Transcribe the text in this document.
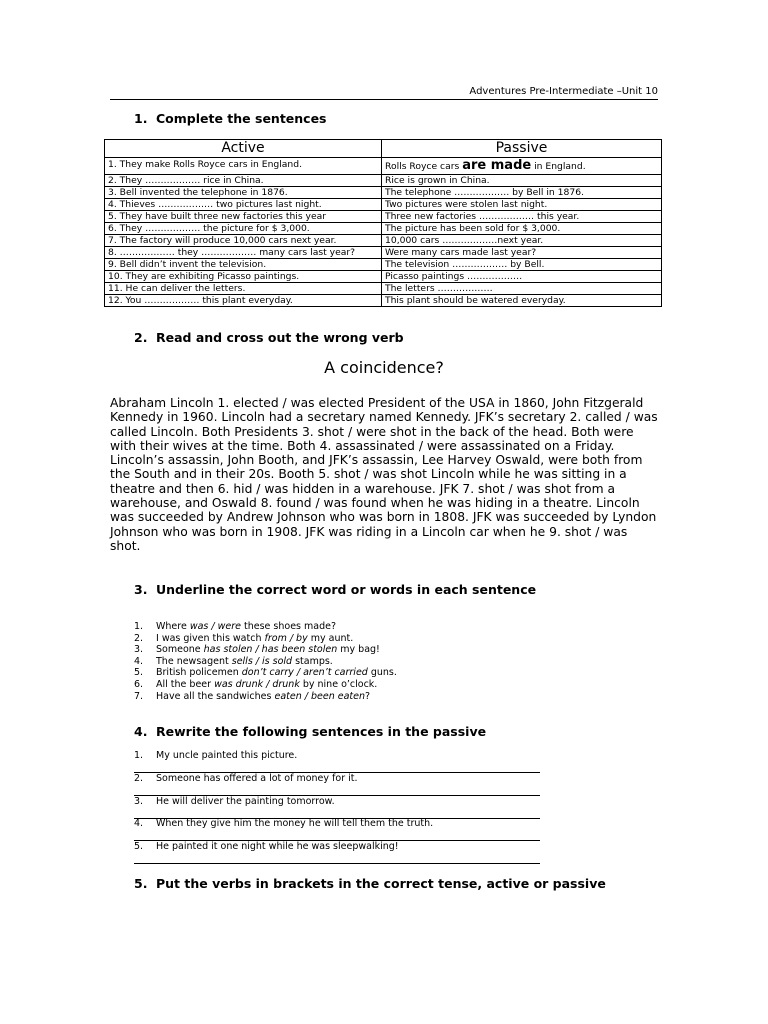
Adventures Pre-Intermediate –Unit 10
1. Complete the sentences
Active	Passive
1. They make Rolls Royce cars in England.	Rolls Royce cars are made in England.
2. They ……………… rice in China.	Rice is grown in China.
3. Bell invented the telephone in 1876.	The telephone ……………… by Bell in 1876.
4. Thieves ……………… two pictures last night.	Two pictures were stolen last night.
5. They have built three new factories this year	Three new factories ……………… this year.
6. They ……………… the picture for $ 3,000.	The picture has been sold for $ 3,000.
7. The factory will produce 10,000 cars next year.	10,000 cars ………………next year.
8. ……………… they ……………… many cars last year?	Were many cars made last year?
9. Bell didn’t invent the television.	The television ……………… by Bell.
10. They are exhibiting Picasso paintings.	Picasso paintings ………………
11. He can deliver the letters.	The letters ………………
12. You ……………… this plant everyday.	This plant should be watered everyday.
2. Read and cross out the wrong verb
A coincidence?
Abraham Lincoln 1. elected / was elected President of the USA in 1860, John Fitzgerald Kennedy in 1960. Lincoln had a secretary named Kennedy. JFK’s secretary 2. called / was called Lincoln. Both Presidents 3. shot / were shot in the back of the head. Both were with their wives at the time. Both 4. assassinated / were assassinated on a Friday. Lincoln’s assassin, John Booth, and JFK’s assassin, Lee Harvey Oswald, were both from the South and in their 20s. Booth 5. shot / was shot Lincoln while he was sitting in a theatre and then 6. hid / was hidden in a warehouse. JFK 7. shot / was shot from a warehouse, and Oswald 8. found / was found when he was hiding in a theatre. Lincoln was succeeded by Andrew Johnson who was born in 1808. JFK was succeeded by Lyndon Johnson who was born in 1908. JFK was riding in a Lincoln car when he 9. shot / was shot.
3. Underline the correct word or words in each sentence
1. Where was / were these shoes made?
2. I was given this watch from / by my aunt.
3. Someone has stolen / has been stolen my bag!
4. The newsagent sells / is sold stamps.
5. British policemen don’t carry / aren’t carried guns.
6. All the beer was drunk / drunk by nine o’clock.
7. Have all the sandwiches eaten / been eaten?
4. Rewrite the following sentences in the passive
1. My uncle painted this picture.
2. Someone has offered a lot of money for it.
3. He will deliver the painting tomorrow.
4. When they give him the money he will tell them the truth.
5. He painted it one night while he was sleepwalking!
5. Put the verbs in brackets in the correct tense, active or passive
